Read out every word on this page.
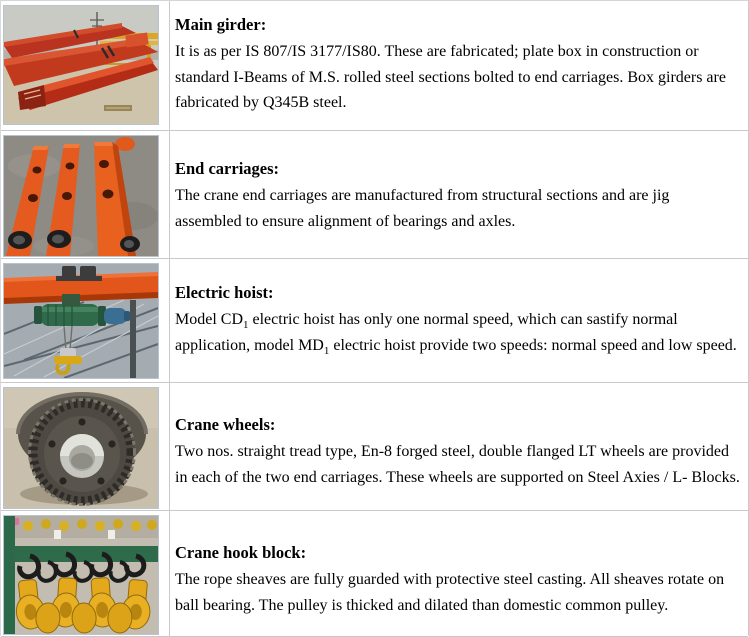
Main girder:
It is as per IS 807/IS 3177/IS80. These are fabricated; plate box in construction or standard I-Beams of M.S. rolled steel sections bolted to end carriages. Box girders are fabricated by Q345B steel.
End carriages:
The crane end carriages are manufactured from structural sections and are jig assembled to ensure alignment of bearings and axles.
Electric hoist:
Model $CD_1$ electric hoist has only one normal speed, which can sastify normal application, model $MD_1$ electric hoist provide two speeds: normal speed and low speed.
Crane wheels:
Two nos. straight tread type, En-8 forged steel, double flanged LT wheels are provided in each of the two end carriages. These wheels are supported on Steel Axies / L- Blocks.
Crane hook block:
The rope sheaves are fully guarded with protective steel casting. All sheaves rotate on ball bearing. The pulley is thicked and dilated than domestic common pulley.
